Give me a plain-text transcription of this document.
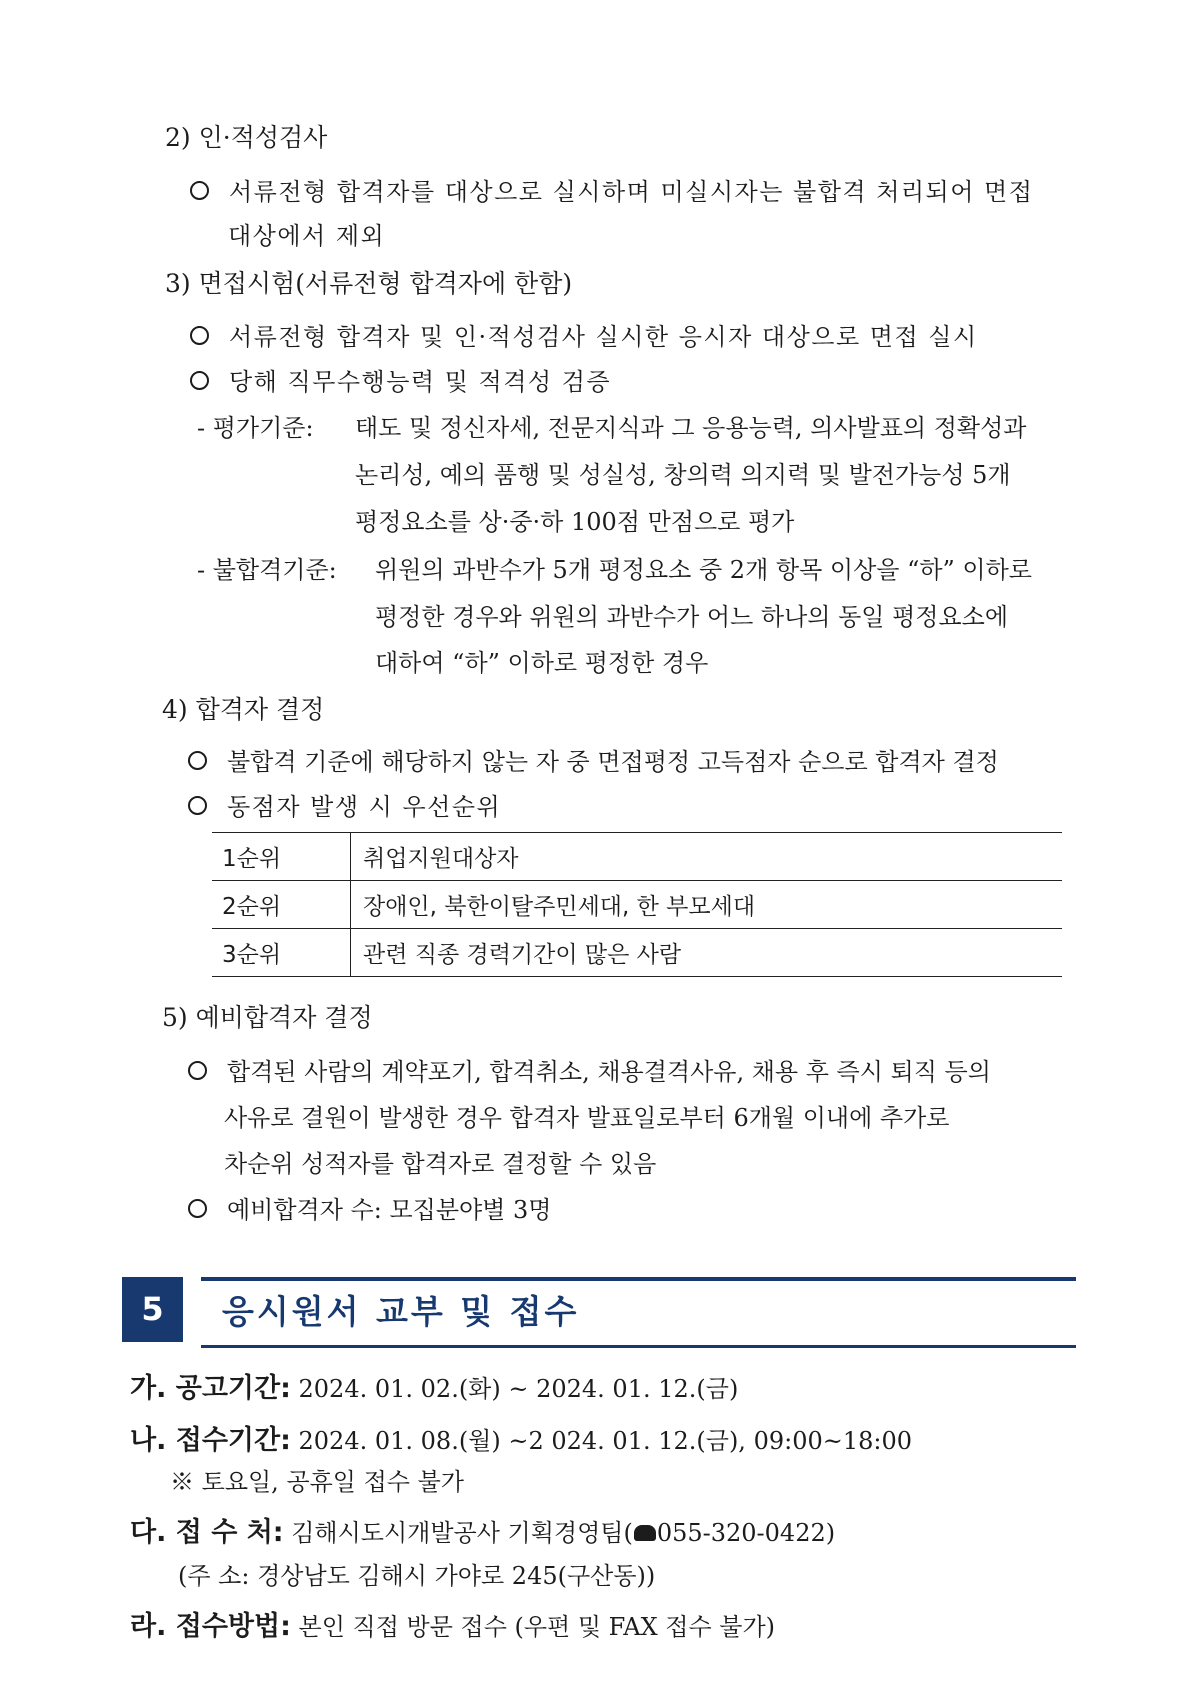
2) 인·적성검사
서류전형 합격자를 대상으로 실시하며 미실시자는 불합격 처리되어 면접
대상에서 제외
3) 면접시험(서류전형 합격자에 한함)
서류전형 합격자 및 인·적성검사 실시한 응시자 대상으로 면접 실시
당해 직무수행능력 및 적격성 검증
- 평가기준: 태도 및 정신자세, 전문지식과 그 응용능력, 의사발표의 정확성과
논리성, 예의 품행 및 성실성, 창의력 의지력 및 발전가능성 5개
평정요소를 상·중·하 100점 만점으로 평가
- 불합격기준: 위원의 과반수가 5개 평정요소 중 2개 항목 이상을 “하” 이하로
평정한 경우와 위원의 과반수가 어느 하나의 동일 평정요소에
대하여 “하” 이하로 평정한 경우
4) 합격자 결정
불합격 기준에 해당하지 않는 자 중 면접평정 고득점자 순으로 합격자 결정
동점자 발생 시 우선순위
1순위	취업지원대상자
2순위	장애인, 북한이탈주민세대, 한 부모세대
3순위	관련 직종 경력기간이 많은 사람
5) 예비합격자 결정
합격된 사람의 계약포기, 합격취소, 채용결격사유, 채용 후 즉시 퇴직 등의
사유로 결원이 발생한 경우 합격자 발표일로부터 6개월 이내에 추가로
차순위 성적자를 합격자로 결정할 수 있음
예비합격자 수: 모집분야별 3명
5	응시원서 교부 및 접수
가. 공고기간: 2024. 01. 02.(화) ~ 2024. 01. 12.(금)
나. 접수기간: 2024. 01. 08.(월) ~2 024. 01. 12.(금), 09:00~18:00
※ 토요일, 공휴일 접수 불가
다. 접 수 처: 김해시도시개발공사 기획경영팀( 055-320-0422)
(주 소: 경상남도 김해시 가야로 245(구산동))
라. 접수방법: 본인 직접 방문 접수 (우편 및 FAX 접수 불가)
